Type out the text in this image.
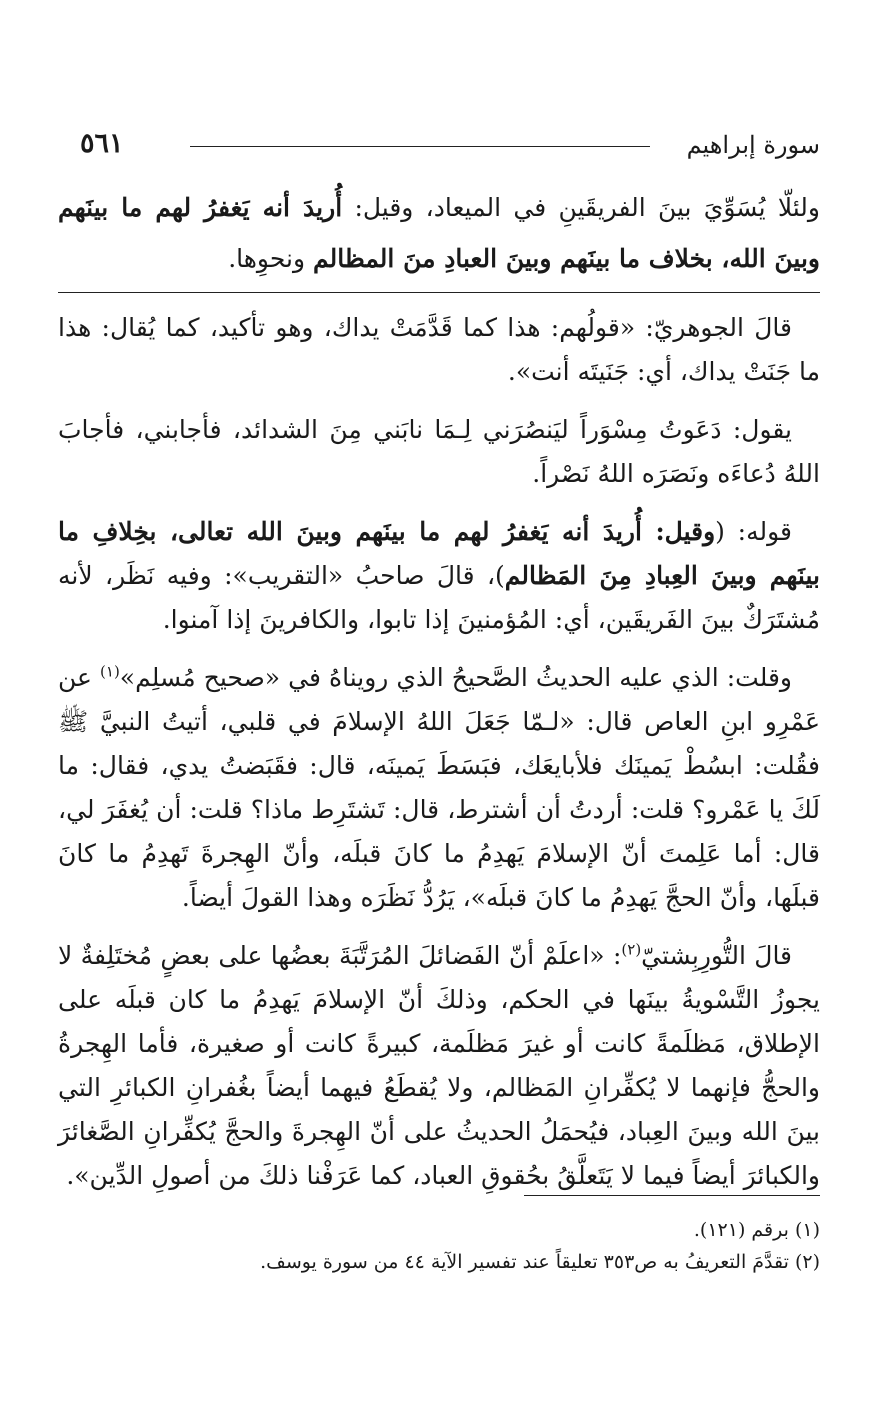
سورة إبراهيم
٥٦١
ولئلّا يُسَوِّيَ بينَ الفريقَينِ في الميعاد، وقيل: أُريدَ أنه يَغفرُ لهم ما بينَهم وبينَ الله، بخلاف ما بينَهم وبينَ العبادِ منَ المظالم ونحوِها.

قالَ الجوهريّ: «قولُهم: هذا كما قَدَّمَتْ يداك، وهو تأكيد، كما يُقال: هذا ما جَنَتْ يداك، أي: جَنَيتَه أنت».

يقول: دَعَوتُ مِسْوَراً ليَنصُرَني لِـمَا نابَني مِنَ الشدائد، فأجابني، فأجابَ اللهُ دُعاءَه ونَصَرَه اللهُ نَصْراً.

قوله: (وقيل: أُريدَ أنه يَغفرُ لهم ما بينَهم وبينَ الله تعالى، بخِلافِ ما بينَهم وبينَ العِبادِ مِنَ المَظالم)، قالَ صاحبُ «التقريب»: وفيه نَظَر، لأنه مُشتَرَكٌ بينَ الفَريقَين، أي: المُؤمنينَ إذا تابوا، والكافرينَ إذا آمنوا.

وقلت: الذي عليه الحديثُ الصَّحيحُ الذي رويناهُ في «صحيح مُسلِم»$^{(١)}$ عن عَمْرِو ابنِ العاص قال: «لـمّا جَعَلَ اللهُ الإسلامَ في قلبي، أتيتُ النبيَّ ﷺ فقُلت: ابسُطْ يَمينَك فلأبايعَك، فبَسَطَ يَمينَه، قال: فقَبَضتُ يدي، فقال: ما لَكَ يا عَمْرو؟ قلت: أردتُ أن أشترط، قال: تَشتَرِط ماذا؟ قلت: أن يُغفَرَ لي، قال: أما عَلِمتَ أنّ الإسلامَ يَهدِمُ ما كانَ قبلَه، وأنّ الهِجرةَ تَهدِمُ ما كانَ قبلَها، وأنّ الحجَّ يَهدِمُ ما كانَ قبلَه»، يَرُدُّ نَظَرَه وهذا القولَ أيضاً.

قالَ التُّورِبِشتيّ$^{(٢)}$: «اعلَمْ أنّ الفَضائلَ المُرَتَّبَةَ بعضُها على بعضٍ مُختَلِفةٌ لا يجوزُ التَّسْويةُ بينَها في الحكم، وذلكَ أنّ الإسلامَ يَهدِمُ ما كان قبلَه على الإطلاق، مَظلَمةً كانت أو غيرَ مَظلَمة، كبيرةً كانت أو صغيرة، فأما الهِجرةُ والحجُّ فإنهما لا يُكفِّرانِ المَظالم، ولا يُقطَعُ فيهما أيضاً بغُفرانِ الكبائرِ التي بينَ الله وبينَ العِباد، فيُحمَلُ الحديثُ على أنّ الهِجرةَ والحجَّ يُكفِّرانِ الصَّغائرَ والكبائرَ أيضاً فيما لا يَتَعلَّقُ بحُقوقِ العباد، كما عَرَفْنا ذلكَ من أصولِ الدِّين».

(١) برقم (١٢١).
(٢) تقدَّمَ التعريفُ به ص٣٥٣ تعليقاً عند تفسير الآية ٤٤ من سورة يوسف.
